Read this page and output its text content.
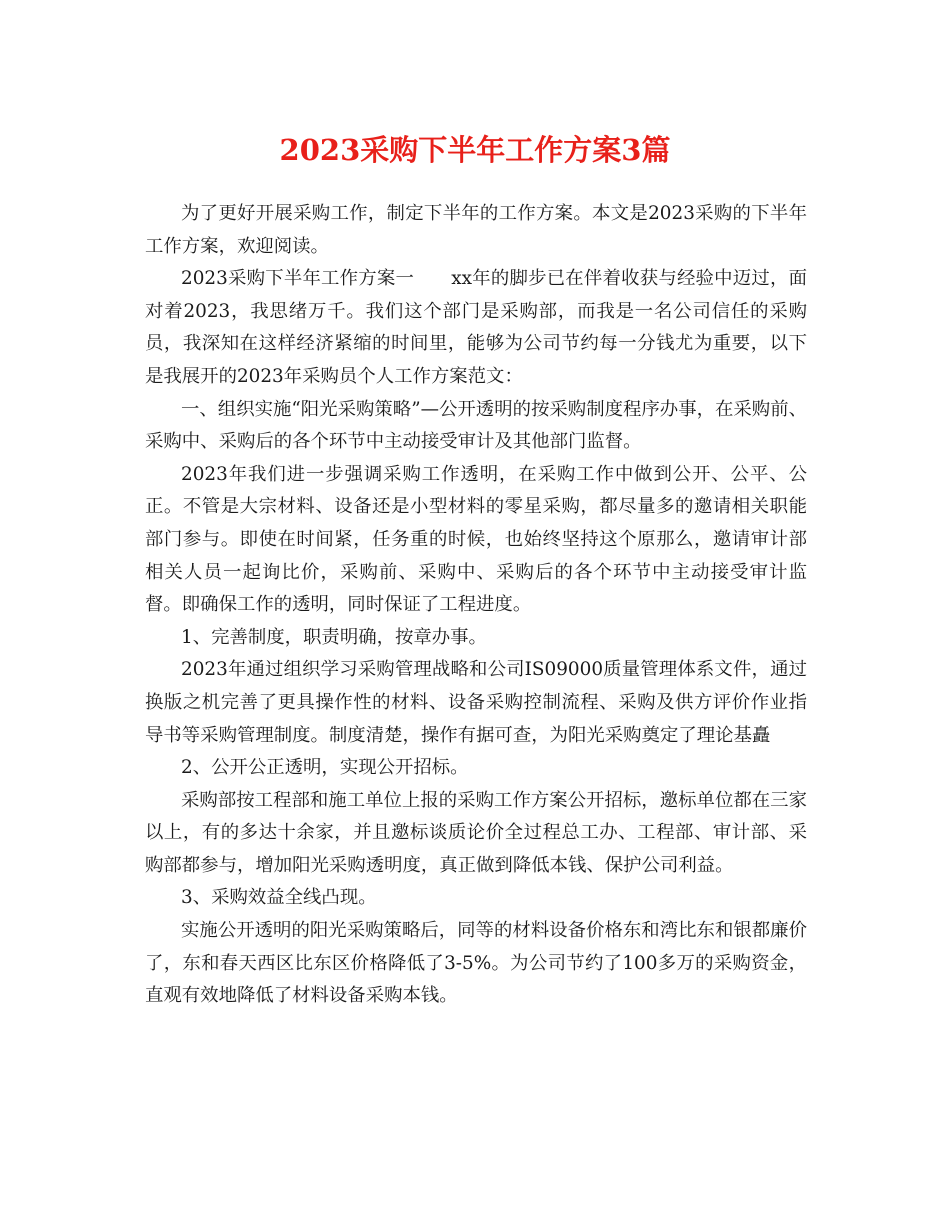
2023采购下半年工作方案3篇

为了更好开展采购工作，制定下半年的工作方案。本文是2023采购的下半年工作方案，欢迎阅读。

2023采购下半年工作方案一　　xx年的脚步已在伴着收获与经验中迈过，面对着2023，我思绪万千。我们这个部门是采购部，而我是一名公司信任的采购员，我深知在这样经济紧缩的时间里，能够为公司节约每一分钱尤为重要，以下是我展开的2023年采购员个人工作方案范文：

一、组织实施“阳光采购策略”—公开透明的按采购制度程序办事，在采购前、采购中、采购后的各个环节中主动接受审计及其他部门监督。

2023年我们进一步强调采购工作透明，在采购工作中做到公开、公平、公正。不管是大宗材料、设备还是小型材料的零星采购，都尽量多的邀请相关职能部门参与。即使在时间紧，任务重的时候，也始终坚持这个原那么，邀请审计部相关人员一起询比价，采购前、采购中、采购后的各个环节中主动接受审计监督。即确保工作的透明，同时保证了工程进度。

1、完善制度，职责明确，按章办事。

2023年通过组织学习采购管理战略和公司IS09000质量管理体系文件，通过换版之机完善了更具操作性的材料、设备采购控制流程、采购及供方评价作业指导书等采购管理制度。制度清楚，操作有据可查，为阳光采购奠定了理论基矗

2、公开公正透明，实现公开招标。

采购部按工程部和施工单位上报的采购工作方案公开招标，邀标单位都在三家以上，有的多达十余家，并且邀标谈质论价全过程总工办、工程部、审计部、采购部都参与，增加阳光采购透明度，真正做到降低本钱、保护公司利益。

3、采购效益全线凸现。

实施公开透明的阳光采购策略后，同等的材料设备价格东和湾比东和银都廉价了，东和春天西区比东区价格降低了3-5%。为公司节约了100多万的采购资金，直观有效地降低了材料设备采购本钱。
